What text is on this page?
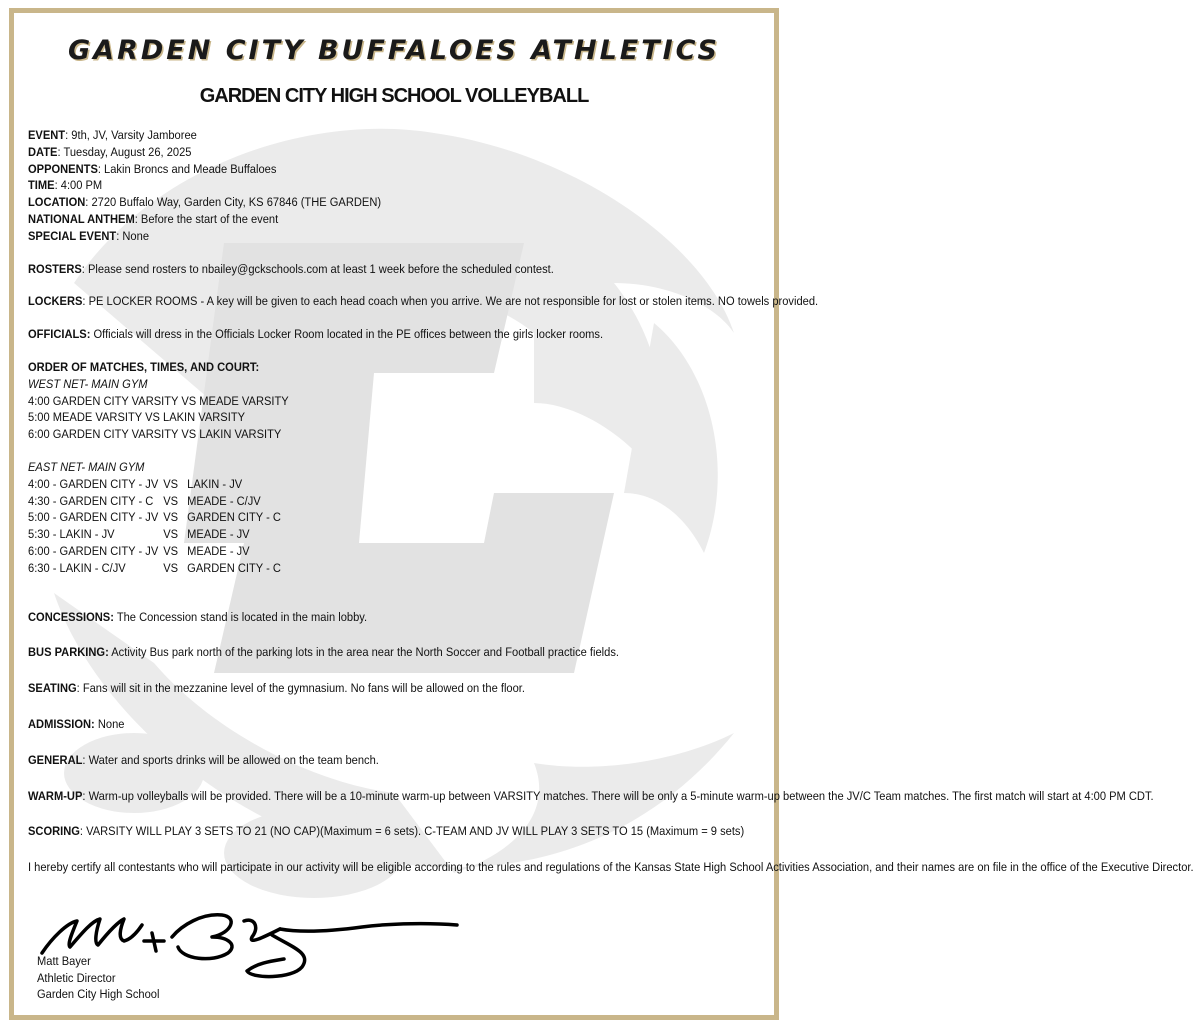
GARDEN CITY BUFFALOES ATHLETICS
GARDEN CITY HIGH SCHOOL VOLLEYBALL
EVENT: 9th, JV, Varsity Jamboree
DATE: Tuesday, August 26, 2025
OPPONENTS: Lakin Broncs and Meade Buffaloes
TIME: 4:00 PM
LOCATION: 2720 Buffalo Way, Garden City, KS 67846 (THE GARDEN)
NATIONAL ANTHEM: Before the start of the event
SPECIAL EVENT: None
ROSTERS: Please send rosters to nbailey@gckschools.com at least 1 week before the scheduled contest.
LOCKERS: PE LOCKER ROOMS - A key will be given to each head coach when you arrive. We are not responsible for lost or stolen items. NO towels provided.
OFFICIALS: Officials will dress in the Officials Locker Room located in the PE offices between the girls locker rooms.
ORDER OF MATCHES, TIMES, AND COURT:
WEST NET- MAIN GYM
4:00 GARDEN CITY VARSITY VS MEADE VARSITY
5:00 MEADE VARSITY VS LAKIN VARSITY
6:00 GARDEN CITY VARSITY VS LAKIN VARSITY
EAST NET- MAIN GYM
4:00 - GARDEN CITY - JV VS LAKIN - JV
4:30 - GARDEN CITY - C VS MEADE - C/JV
5:00 - GARDEN CITY - JV VS GARDEN CITY - C
5:30 - LAKIN - JV	VS MEADE - JV
6:00 - GARDEN CITY - JV VS MEADE - JV
6:30 - LAKIN - C/JV	VS GARDEN CITY - C
CONCESSIONS: The Concession stand is located in the main lobby.
BUS PARKING: Activity Bus park north of the parking lots in the area near the North Soccer and Football practice fields.
SEATING: Fans will sit in the mezzanine level of the gymnasium. No fans will be allowed on the floor.
ADMISSION: None
GENERAL: Water and sports drinks will be allowed on the team bench.
WARM-UP: Warm-up volleyballs will be provided. There will be a 10-minute warm-up between VARSITY matches. There will be only a 5-minute warm-up between the JV/C Team matches. The first match will start at 4:00 PM CDT.
SCORING: VARSITY WILL PLAY 3 SETS TO 21 (NO CAP)(Maximum = 6 sets). C-TEAM AND JV WILL PLAY 3 SETS TO 15 (Maximum = 9 sets)
I hereby certify all contestants who will participate in our activity will be eligible according to the rules and regulations of the Kansas State High School Activities Association, and their names are on file in the office of the Executive Director.
Matt Bayer
Athletic Director
Garden City High School
